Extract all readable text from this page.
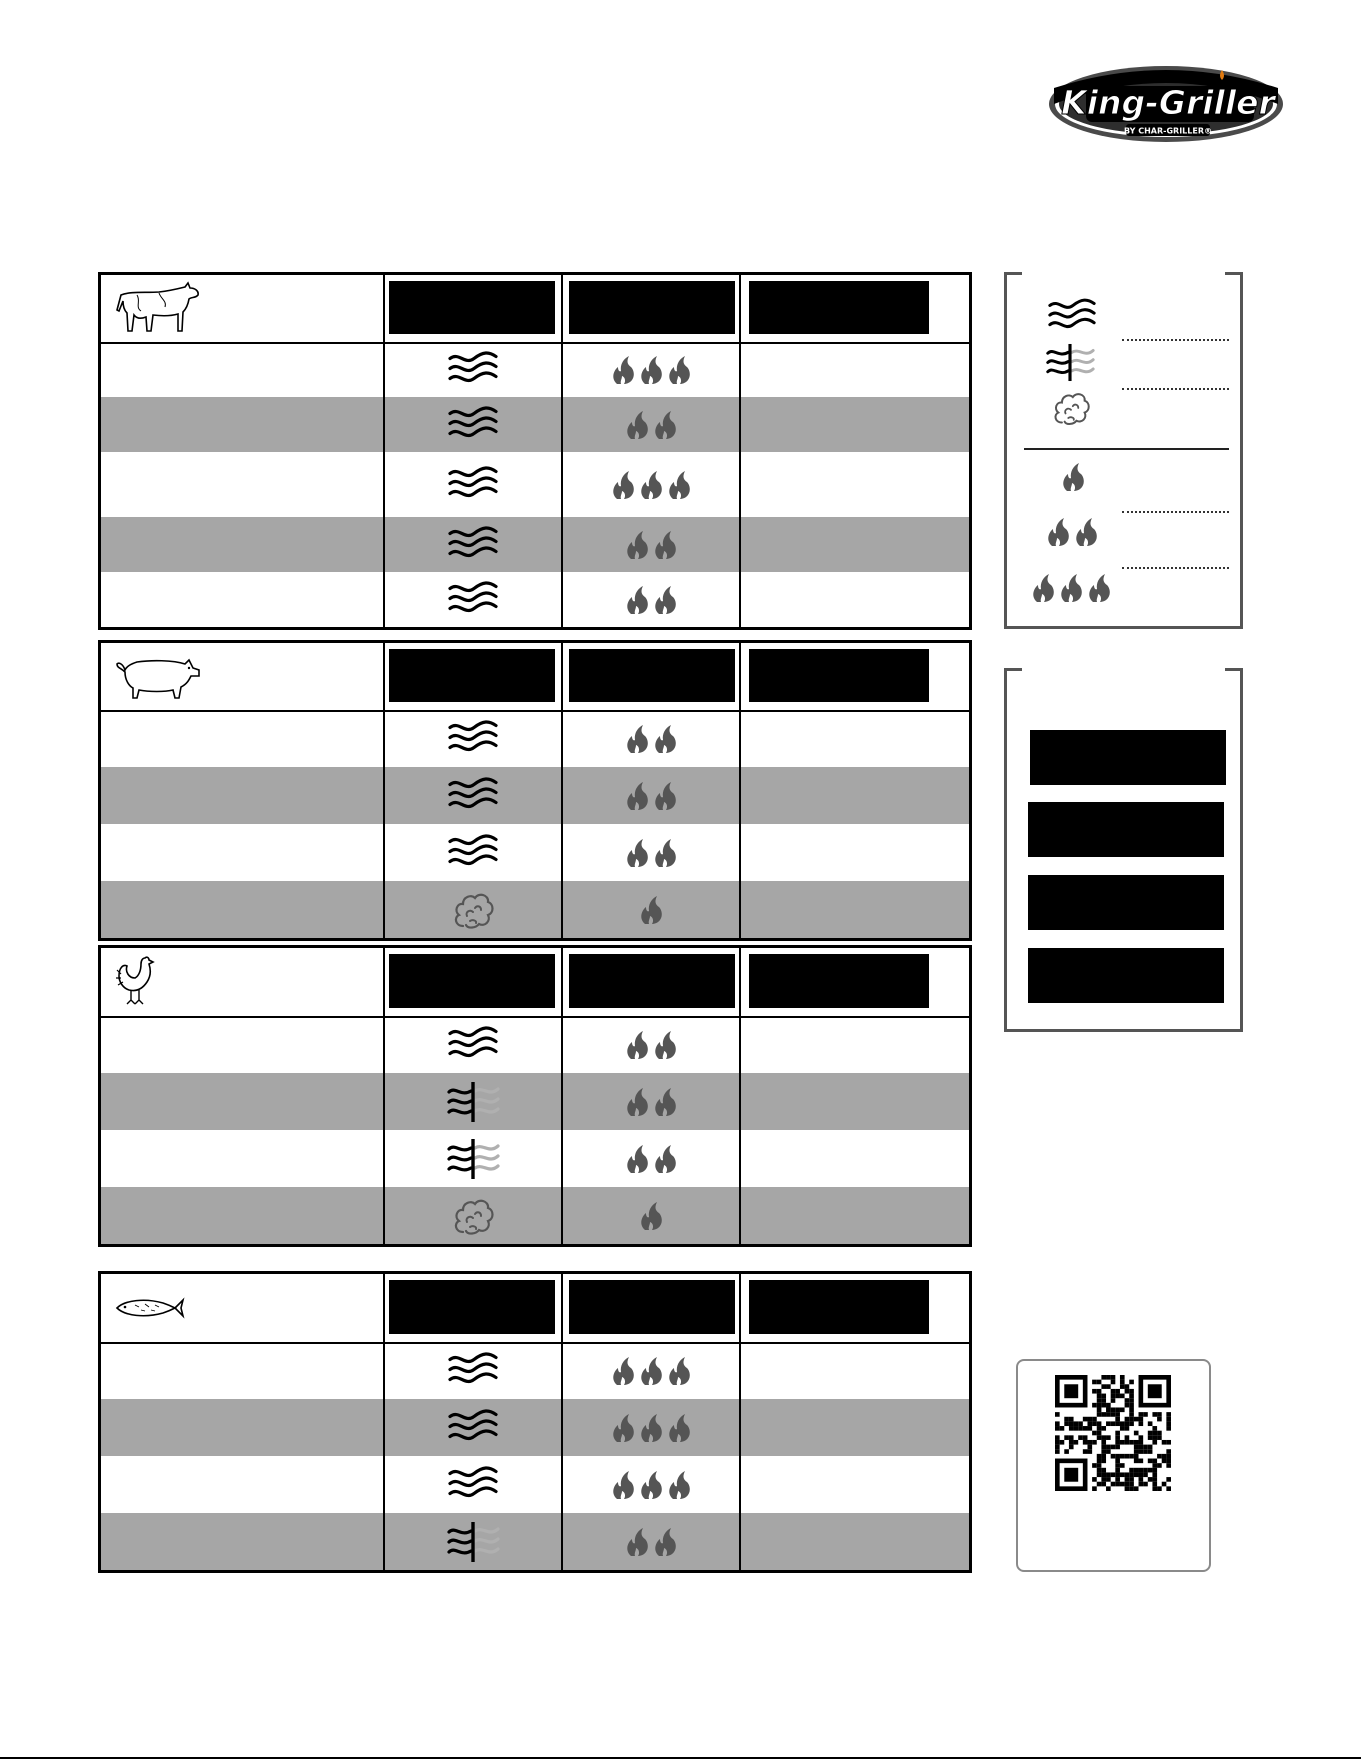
King-Griller
BY CHAR-GRILLER®
